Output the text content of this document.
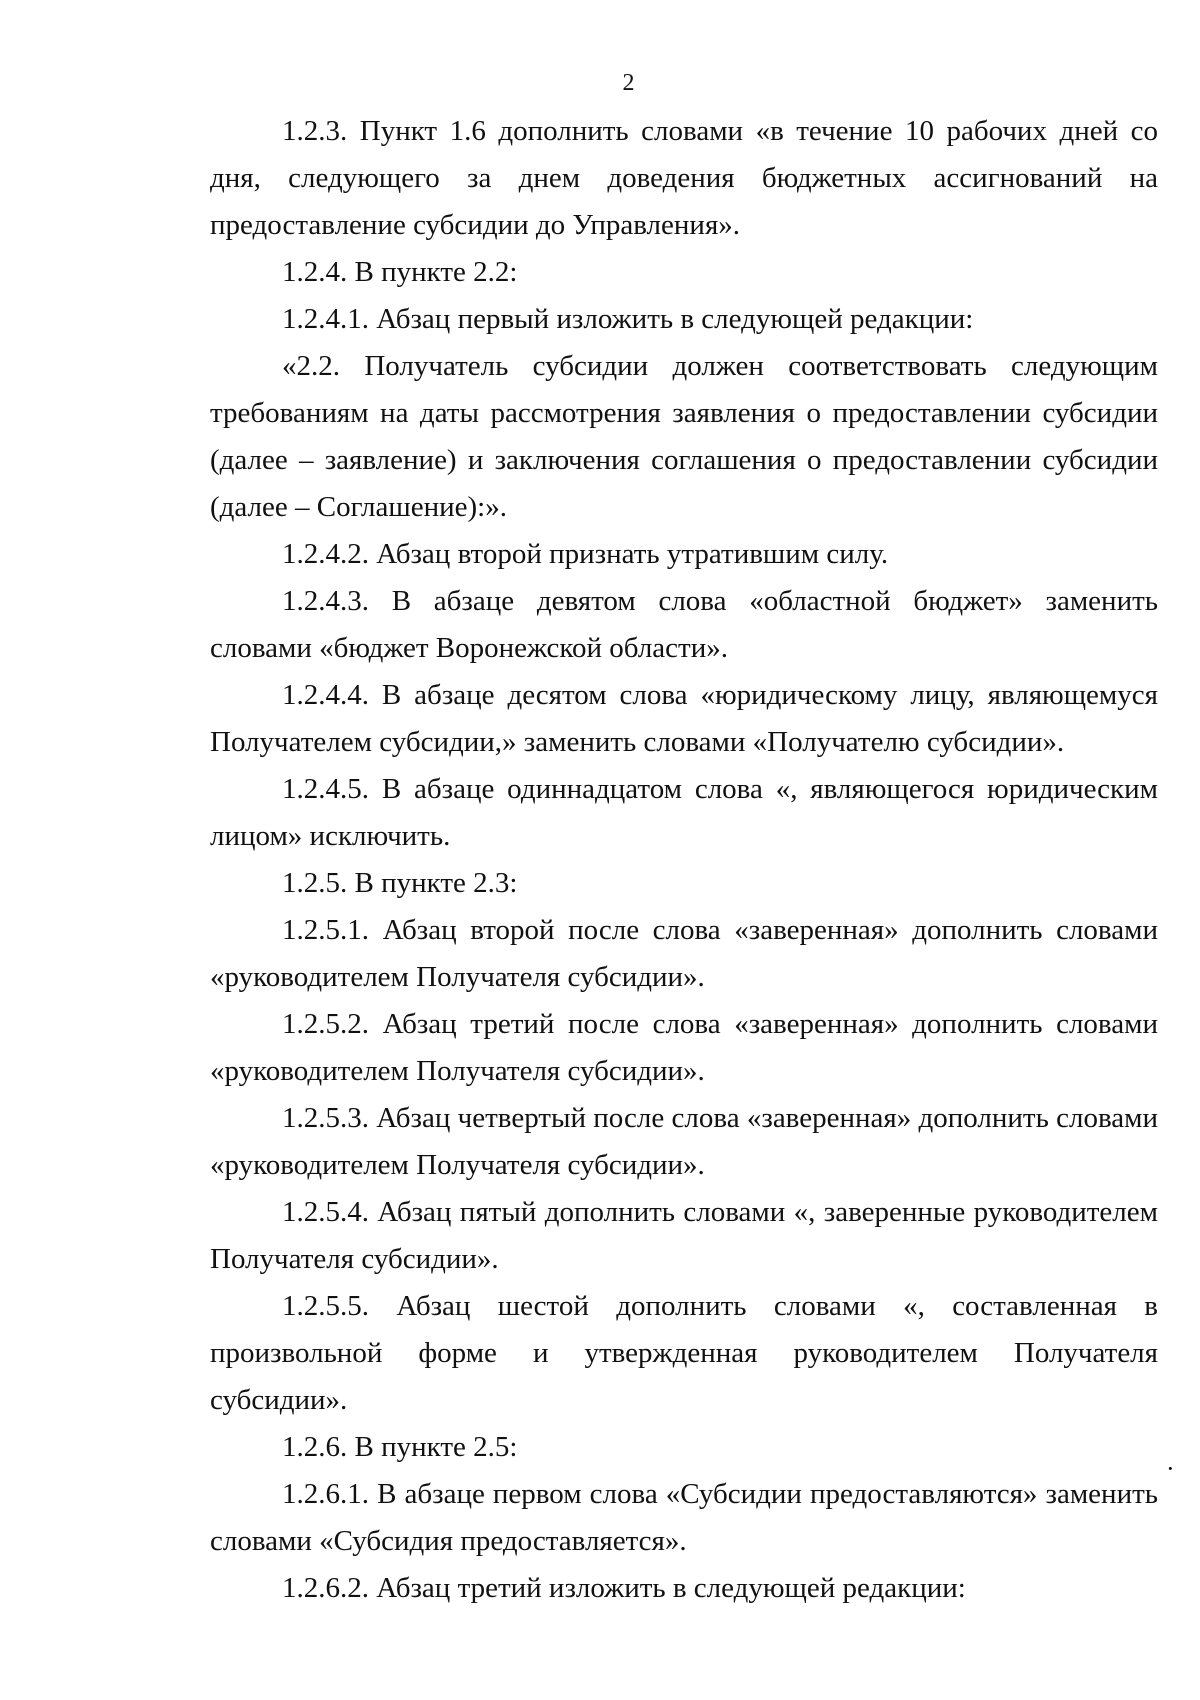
2

1.2.3. Пункт 1.6 дополнить словами «в течение 10 рабочих дней со дня, следующего за днем доведения бюджетных ассигнований на предоставление субсидии до Управления».

1.2.4. В пункте 2.2:

1.2.4.1. Абзац первый изложить в следующей редакции:

«2.2. Получатель субсидии должен соответствовать следующим требованиям на даты рассмотрения заявления о предоставлении субсидии (далее – заявление) и заключения соглашения о предоставлении субсидии (далее – Соглашение):».

1.2.4.2. Абзац второй признать утратившим силу.

1.2.4.3. В абзаце девятом слова «областной бюджет» заменить словами «бюджет Воронежской области».

1.2.4.4. В абзаце десятом слова «юридическому лицу, являющемуся Получателем субсидии,» заменить словами «Получателю субсидии».

1.2.4.5. В абзаце одиннадцатом слова «, являющегося юридическим лицом» исключить.

1.2.5. В пункте 2.3:

1.2.5.1. Абзац второй после слова «заверенная» дополнить словами «руководителем Получателя субсидии».

1.2.5.2. Абзац третий после слова «заверенная» дополнить словами «руководителем Получателя субсидии».

1.2.5.3. Абзац четвертый после слова «заверенная» дополнить словами «руководителем Получателя субсидии».

1.2.5.4. Абзац пятый дополнить словами «, заверенные руководителем Получателя субсидии».

1.2.5.5. Абзац шестой дополнить словами «, составленная в произвольной форме и утвержденная руководителем Получателя субсидии».

1.2.6. В пункте 2.5:

1.2.6.1. В абзаце первом слова «Субсидии предоставляются» заменить словами «Субсидия предоставляется».

1.2.6.2. Абзац третий изложить в следующей редакции:

·
